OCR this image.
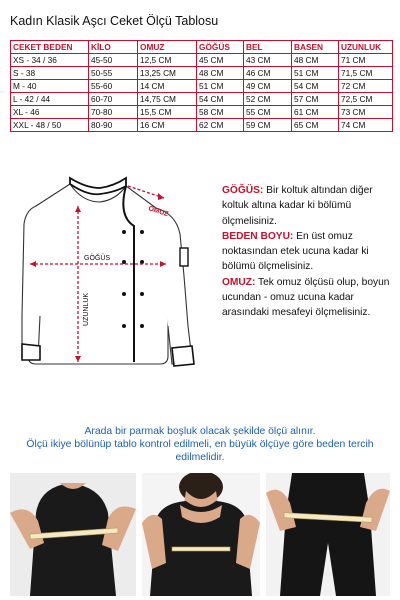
Kadın Klasik Aşcı Ceket Ölçü Tablosu
CEKET BEDEN	KİLO	OMUZ	GÖĞÜS	BEL	BASEN	UZUNLUK
XS - 34 / 36	45-50	12,5 CM	45 CM	43 CM	48 CM	71 CM
S - 38	50-55	13,25 CM	48 CM	46 CM	51 CM	71,5 CM
M - 40	55-60	14 CM	51 CM	49 CM	54 CM	72 CM
L - 42 / 44	60-70	14,75 CM	54 CM	52 CM	57 CM	72,5 CM
XL - 46	70-80	15,5 CM	58 CM	55 CM	61 CM	73 CM
XXL - 48 / 50	80-90	16 CM	62 CM	59 CM	65 CM	74 CM
OMUZ
GÖĞÜS
UZUNLUK
GÖĞÜS: Bir koltuk altından diğer koltuk altına kadar ki bölümü ölçmelisiniz.
BEDEN BOYU: En üst omuz noktasından etek ucuna kadar ki bölümü ölçmelisiniz.
OMUZ: Tek omuz ölçüsü olup, boyun ucundan - omuz ucuna kadar arasındaki mesafeyi ölçmelisiniz.
Arada bir parmak boşluk olacak şekilde ölçü alınır.
Ölçü ikiye bölünüp tablo kontrol edilmeli, en büyük ölçüye göre beden tercih edilmelidir.
